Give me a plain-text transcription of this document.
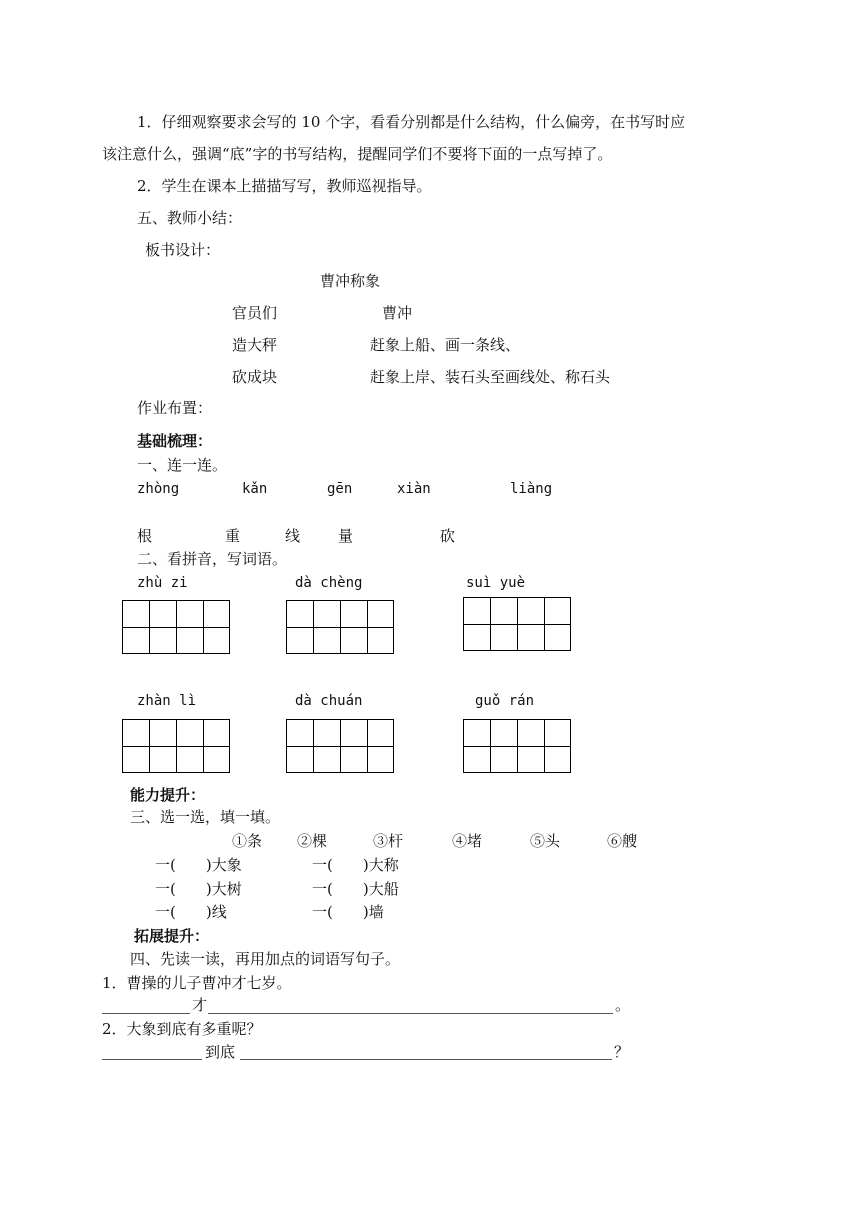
1．仔细观察要求会写的 10 个字，看看分别都是什么结构，什么偏旁，在书写时应
该注意什么，强调“底”字的书写结构，提醒同学们不要将下面的一点写掉了。
2．学生在课本上描描写写，教师巡视指导。
五、教师小结：
板书设计：
曹冲称象
官员们	曹冲
造大秤	赶象上船、画一条线、
砍成块	赶象上岸、装石头至画线处、称石头
作业布置：
基础梳理：
一、连一连。
zhòng	kǎn	gēn	xiàn	liàng
根	重	线	量	砍
二、看拼音，写词语。
zhù zi	dà chèng	suì yuè
zhàn lì	dà chuán	guǒ rán
能力提升：
三、选一选，填一填。
①条 ②棵	③杆	④堵	⑤头	⑥艘
一(　　)大象	一(　　)大称
一(　　)大树	一(　　)大船
一(　　)线	一(　　)墙
拓展提升：
四、先读一读，再用加点的词语写句子。
1．曹操的儿子曹冲才七岁。
才	。
2．大象到底有多重呢？
到底	？
